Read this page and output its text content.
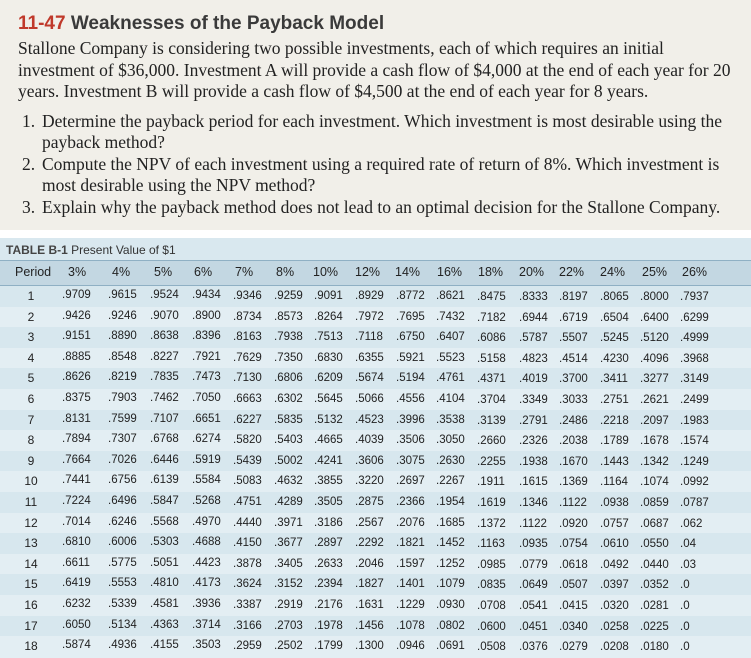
11-47 Weaknesses of the Payback Model
Stallone Company is considering two possible investments, each of which requires an initial investment of $36,000. Investment A will provide a cash flow of $4,000 at the end of each year for 20 years. Investment B will provide a cash flow of $4,500 at the end of each year for 8 years.
1. Determine the payback period for each investment. Which investment is most desirable using the payback method?
2. Compute the NPV of each investment using a required rate of return of 8%. Which investment is most desirable using the NPV method?
3. Explain why the payback method does not lead to an optimal decision for the Stallone Company.
TABLE B-1 Present Value of $1
Period 3% 4% 5% 6% 7% 8% 10% 12% 14% 16% 18% 20% 22% 24% 25% 26%
1	.9709 .9615 .9524 .9434 .9346 .9259 .9091 .8929 .8772 .8621 .8475 .8333 .8197 .8065 .8000 .7937
2	.9426 .9246 .9070 .8900 .8734 .8573 .8264 .7972 .7695 .7432 .7182 .6944 .6719 .6504 .6400 .6299
3	.9151 .8890 .8638 .8396 .8163 .7938 .7513 .7118 .6750 .6407 .6086 .5787 .5507 .5245 .5120 .4999
4	.8885 .8548 .8227 .7921 .7629 .7350 .6830 .6355 .5921 .5523 .5158 .4823 .4514 .4230 .4096 .3968
5	.8626 .8219 .7835 .7473 .7130 .6806 .6209 .5674 .5194 .4761 .4371 .4019 .3700 .3411 .3277 .3149
6	.8375 .7903 .7462 .7050 .6663 .6302 .5645 .5066 .4556 .4104 .3704 .3349 .3033 .2751 .2621 .2499
7	.8131 .7599 .7107 .6651 .6227 .5835 .5132 .4523 .3996 .3538 .3139 .2791 .2486 .2218 .2097 .1983
8	.7894 .7307 .6768 .6274 .5820 .5403 .4665 .4039 .3506 .3050 .2660 .2326 .2038 .1789 .1678 .1574
9	.7664 .7026 .6446 .5919 .5439 .5002 .4241 .3606 .3075 .2630 .2255 .1938 .1670 .1443 .1342 .1249
10	.7441 .6756 .6139 .5584 .5083 .4632 .3855 .3220 .2697 .2267 .1911 .1615 .1369 .1164 .1074 .0992
11	.7224 .6496 .5847 .5268 .4751 .4289 .3505 .2875 .2366 .1954 .1619 .1346 .1122 .0938 .0859 .0787
12	.7014 .6246 .5568 .4970 .4440 .3971 .3186 .2567 .2076 .1685 .1372 .1122 .0920 .0757 .0687 .062
13	.6810 .6006 .5303 .4688 .4150 .3677 .2897 .2292 .1821 .1452 .1163 .0935 .0754 .0610 .0550 .04
14	.6611 .5775 .5051 .4423 .3878 .3405 .2633 .2046 .1597 .1252 .0985 .0779 .0618 .0492 .0440 .03
15	.6419 .5553 .4810 .4173 .3624 .3152 .2394 .1827 .1401 .1079 .0835 .0649 .0507 .0397 .0352 .0
16	.6232 .5339 .4581 .3936 .3387 .2919 .2176 .1631 .1229 .0930 .0708 .0541 .0415 .0320 .0281 .0
17	.6050 .5134 .4363 .3714 .3166 .2703 .1978 .1456 .1078 .0802 .0600 .0451 .0340 .0258 .0225 .0
18	.5874 .4936 .4155 .3503 .2959 .2502 .1799 .1300 .0946 .0691 .0508 .0376 .0279 .0208 .0180 .0
